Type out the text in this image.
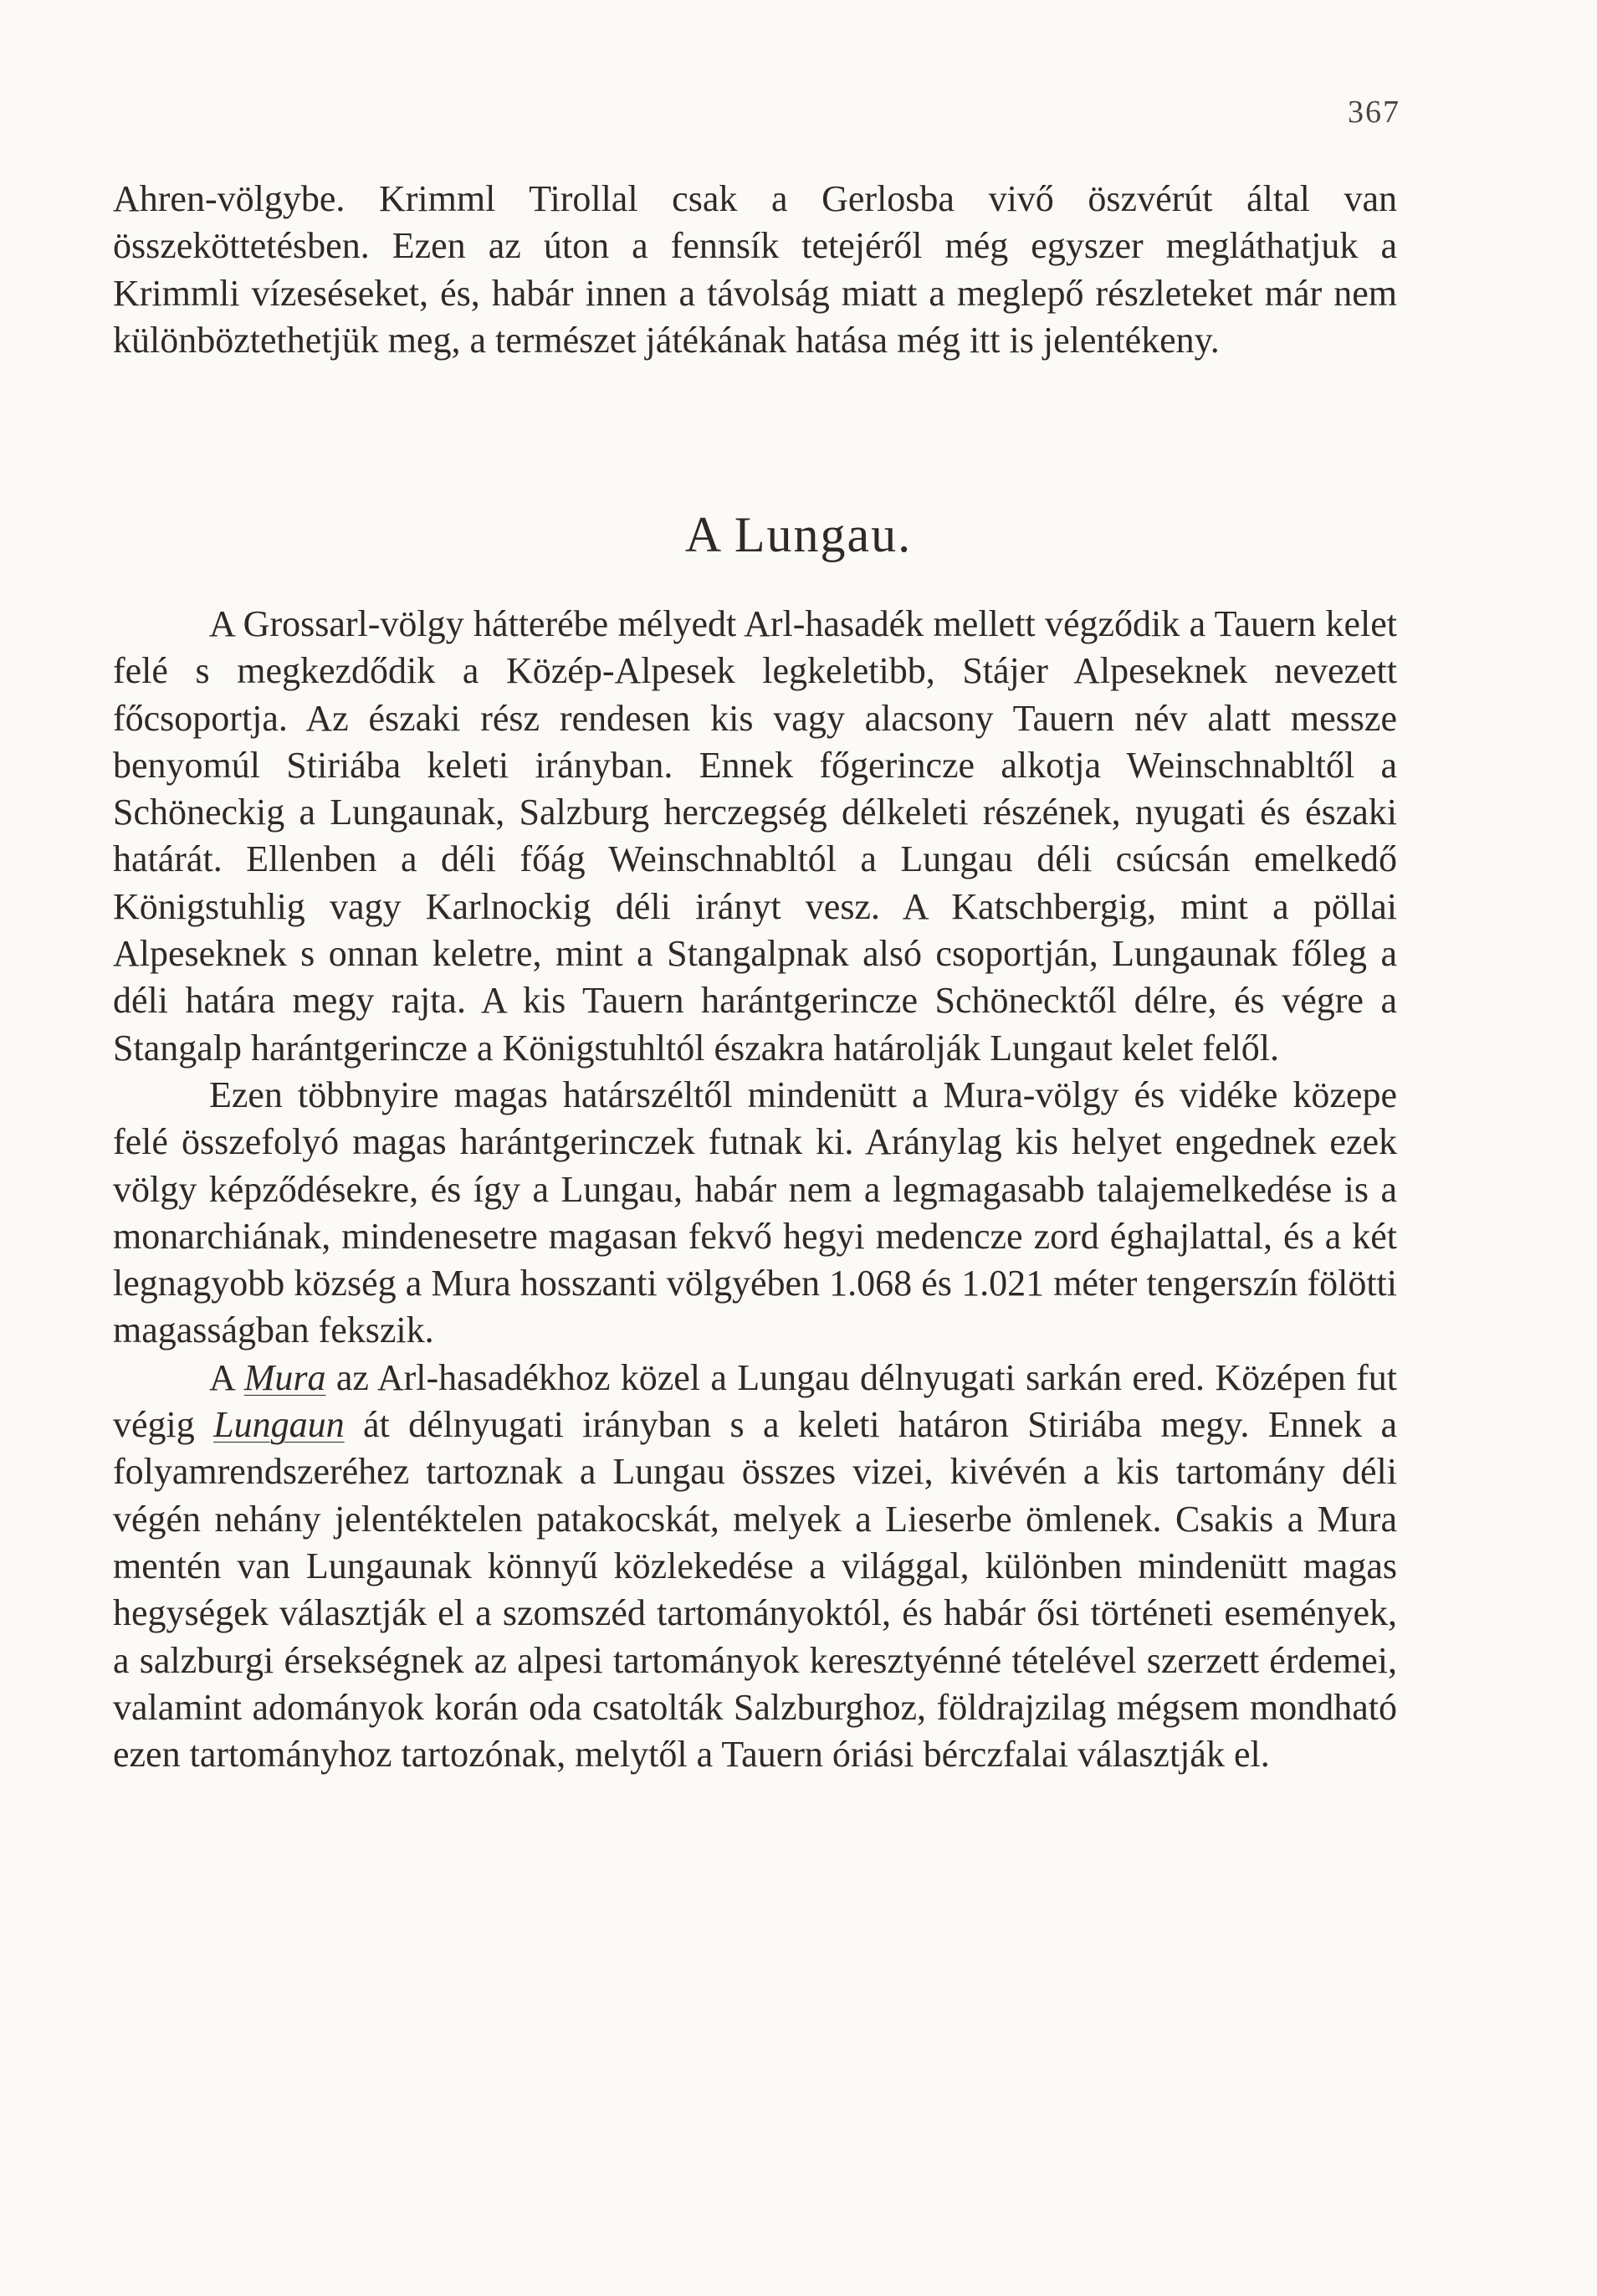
367

Ahren-völgybe. Krimml Tirollal csak a Gerlosba vivő öszvérút által van összeköttetésben. Ezen az úton a fennsík tetejéről még egyszer megláthatjuk a Krimmli vízeséseket, és, habár innen a távolság miatt a meglepő részleteket már nem különböztethetjük meg, a természet játékának hatása még itt is jelentékeny.

A Lungau.

A Grossarl-völgy hátterébe mélyedt Arl-hasadék mellett végződik a Tauern kelet felé s megkezdődik a Közép-Alpesek legkeletibb, Stájer Alpeseknek nevezett főcsoportja. Az északi rész rendesen kis vagy alacsony Tauern név alatt messze benyomúl Stiriába keleti irányban. Ennek főgerincze alkotja Weinschnabltől a Schöneckig a Lungaunak, Salzburg herczegség délkeleti részének, nyugati és északi határát. Ellenben a déli főág Weinschnabltól a Lungau déli csúcsán emelkedő Königstuhlig vagy Karlnockig déli irányt vesz. A Katschbergig, mint a pöllai Alpeseknek s onnan keletre, mint a Stangalpnak alsó csoportján, Lungaunak főleg a déli határa megy rajta. A kis Tauern harántgerincze Schönecktől délre, és végre a Stangalp harántgerincze a Königstuhltól északra határolják Lungaut kelet felől.

Ezen többnyire magas határszéltől mindenütt a Mura-völgy és vidéke közepe felé összefolyó magas harántgerinczek futnak ki. Aránylag kis helyet engednek ezek völgy képződésekre, és így a Lungau, habár nem a legmagasabb talajemelkedése is a monarchiának, mindenesetre magasan fekvő hegyi medencze zord éghajlattal, és a két legnagyobb község a Mura hosszanti völgyében 1.068 és 1.021 méter tengerszín fölötti magasságban fekszik.

A Mura az Arl-hasadékhoz közel a Lungau délnyugati sarkán ered. Középen fut végig Lungaun át délnyugati irányban s a keleti határon Stiriába megy. Ennek a folyamrendszeréhez tartoznak a Lungau összes vizei, kivévén a kis tartomány déli végén nehány jelentéktelen patakocskát, melyek a Lieserbe ömlenek. Csakis a Mura mentén van Lungaunak könnyű közlekedése a világgal, különben mindenütt magas hegységek választják el a szomszéd tartományoktól, és habár ősi történeti események, a salzburgi érsekségnek az alpesi tartományok keresztyénné tételével szerzett érdemei, valamint adományok korán oda csatolták Salzburghoz, földrajzilag mégsem mondható ezen tartományhoz tartozónak, melytől a Tauern óriási bérczfalai választják el.
